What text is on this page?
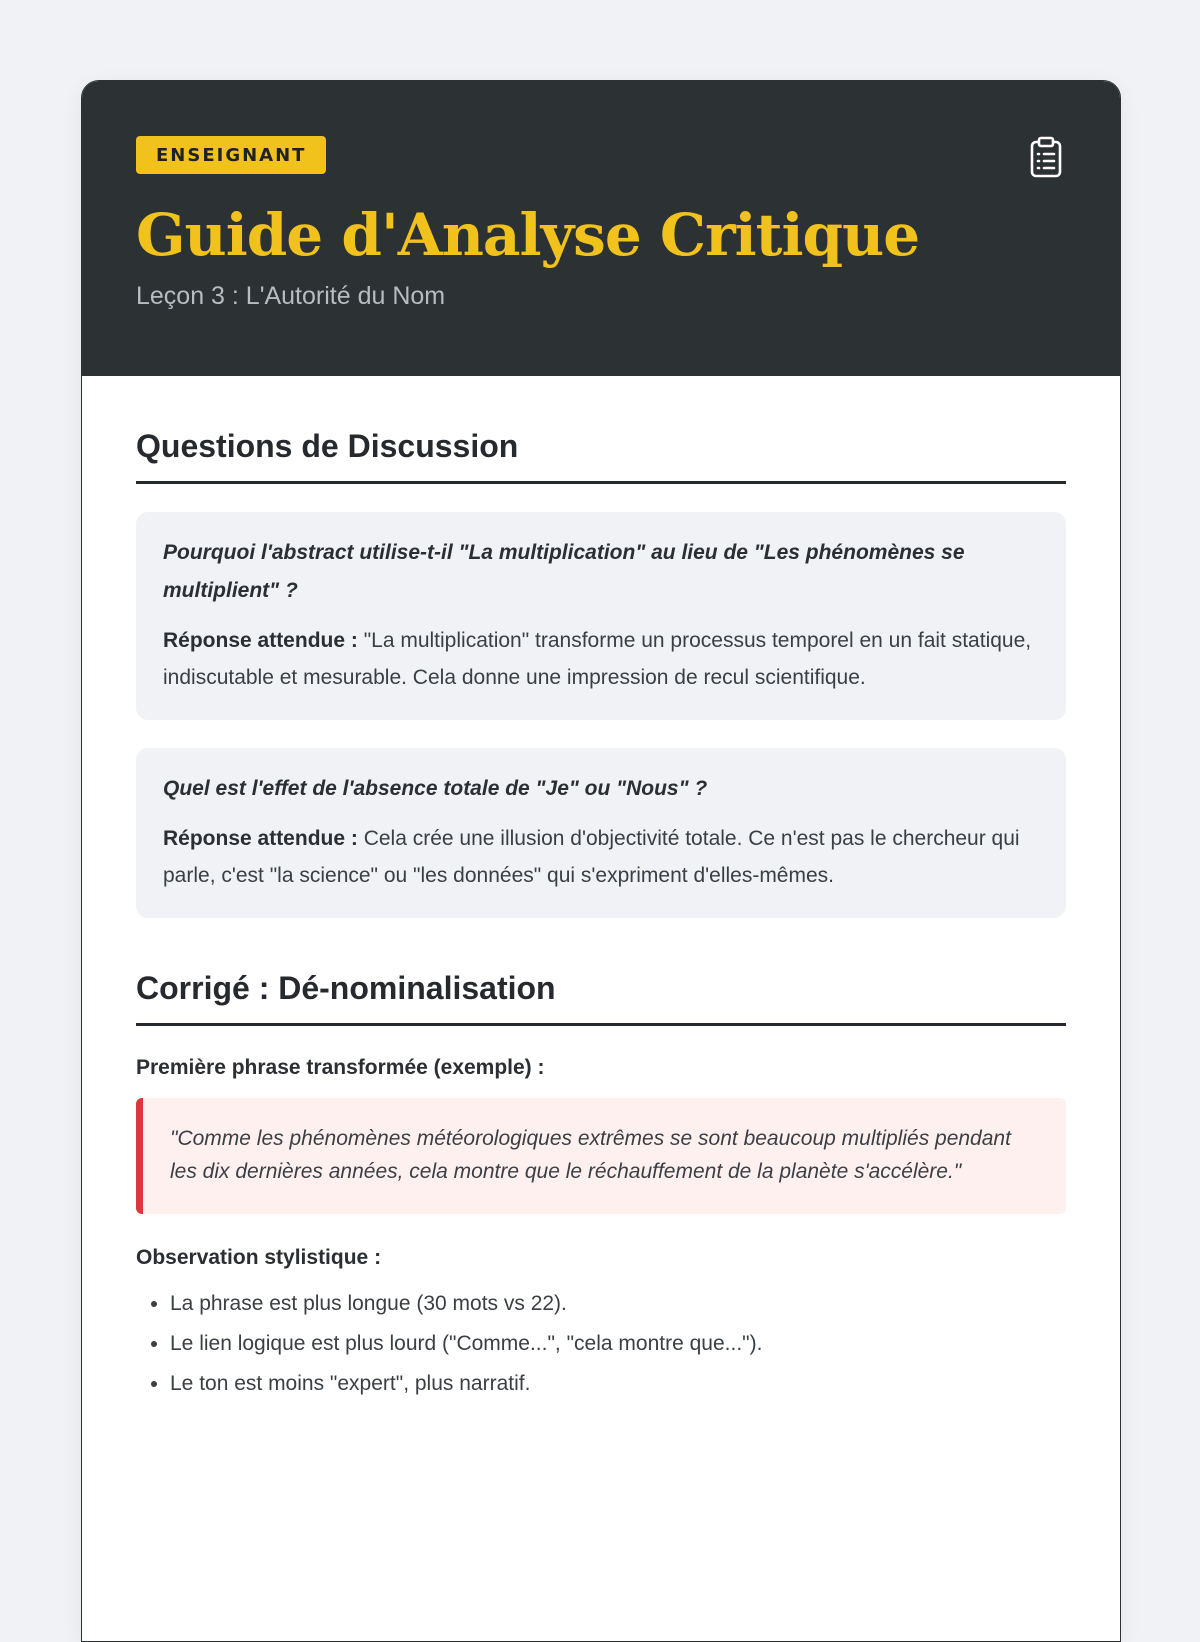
ENSEIGNANT
Guide d'Analyse Critique
Leçon 3 : L'Autorité du Nom
Questions de Discussion
Pourquoi l'abstract utilise-t-il "La multiplication" au lieu de "Les phénomènes se multiplient" ?
Réponse attendue : "La multiplication" transforme un processus temporel en un fait statique, indiscutable et mesurable. Cela donne une impression de recul scientifique.
Quel est l'effet de l'absence totale de "Je" ou "Nous" ?
Réponse attendue : Cela crée une illusion d'objectivité totale. Ce n'est pas le chercheur qui parle, c'est "la science" ou "les données" qui s'expriment d'elles-mêmes.
Corrigé : Dé-nominalisation
Première phrase transformée (exemple) :
"Comme les phénomènes météorologiques extrêmes se sont beaucoup multipliés pendant les dix dernières années, cela montre que le réchauffement de la planète s'accélère."
Observation stylistique :
• La phrase est plus longue (30 mots vs 22).
• Le lien logique est plus lourd ("Comme...", "cela montre que...").
• Le ton est moins "expert", plus narratif.
